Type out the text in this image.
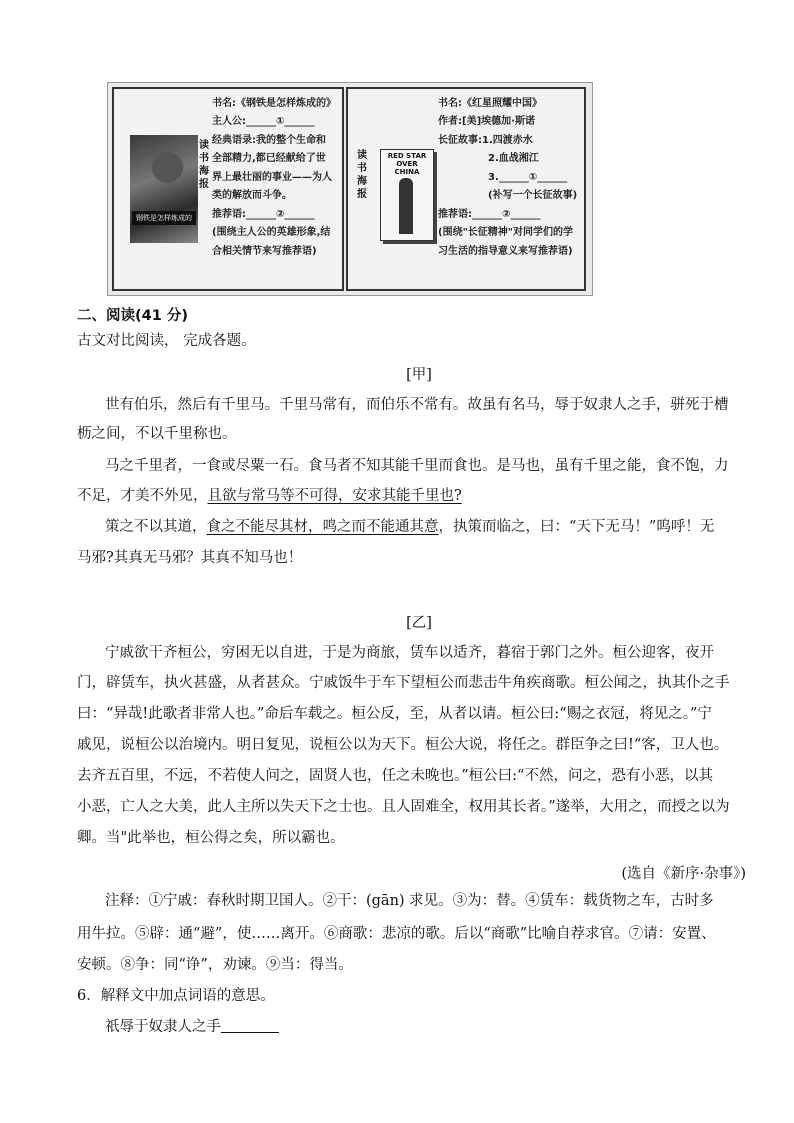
钢铁是怎样炼成的
读书海报
书名:《钢铁是怎样炼成的》
主人公:______①______
经典语录:我的整个生命和
全部精力,都已经献给了世
界上最壮丽的事业——为人
类的解放而斗争。
推荐语:______②______
(围绕主人公的英雄形象,结
合相关情节来写推荐语)
读书海报
RED STAR OVER CHINA
书名:《红星照耀中国》
作者:[美]埃德加·斯诺
长征故事:1.四渡赤水
　　　　　2.血战湘江
　　　　　3.______①______
　　　　　(补写一个长征故事)
推荐语:______②______
(围绕"长征精神"对同学们的学
习生活的指导意义来写推荐语)
二、阅读(41 分)
古文对比阅读， 完成各题。
[甲]
世有伯乐，然后有千里马。千里马常有，而伯乐不常有。故虽有名马，辱于奴隶人之手，骈死于槽
枥之间，不以千里称也。
马之千里者，一食或尽粟一石。食马者不知其能千里而食也。是马也，虽有千里之能，食不饱，力
不足，才美不外见，且欲与常马等不可得，安求其能千里也?
策之不以其道，食之不能尽其材，鸣之而不能通其意，执策而临之，曰：“天下无马！”呜呼！无
马邪?其真无马邪？其真不知马也！
[乙]
宁戚欲干齐桓公，穷困无以自进，于是为商旅，赁车以适齐，暮宿于郭门之外。桓公迎客，夜开
门，辟赁车，执火甚盛，从者甚众。宁戚饭牛于车下望桓公而悲击牛角疾商歌。桓公闻之，执其仆之手
曰：“异哉!此歌者非常人也。”命后车载之。桓公反，至，从者以请。桓公曰:“赐之衣冠，将见之。”宁
戚见，说桓公以治境内。明日复见，说桓公以为天下。桓公大说，将任之。群臣争之曰!“客，卫人也。
去齐五百里，不远，不若使人问之，固贤人也，任之未晚也。”桓公曰:“不然，问之，恐有小恶，以其
小恶，亡人之大美，此人主所以失天下之士也。且人固难全，权用其长者。”遂举，大用之，而授之以为
卿。当"此举也，桓公得之矣，所以霸也。
(选自《新序·杂事》)
注释：①宁戚：春秋时期卫国人。②干：(gān) 求见。③为：替。④赁车：载货物之车，古时多
用牛拉。⑤辟：通“避”，使……离开。⑥商歌：悲凉的歌。后以“商歌”比喻自荐求官。⑦请：安置、
安顿。⑧争：同“诤”，劝谏。⑨当：得当。
6．解释文中加点词语的意思。
祇辱于奴隶人之手
